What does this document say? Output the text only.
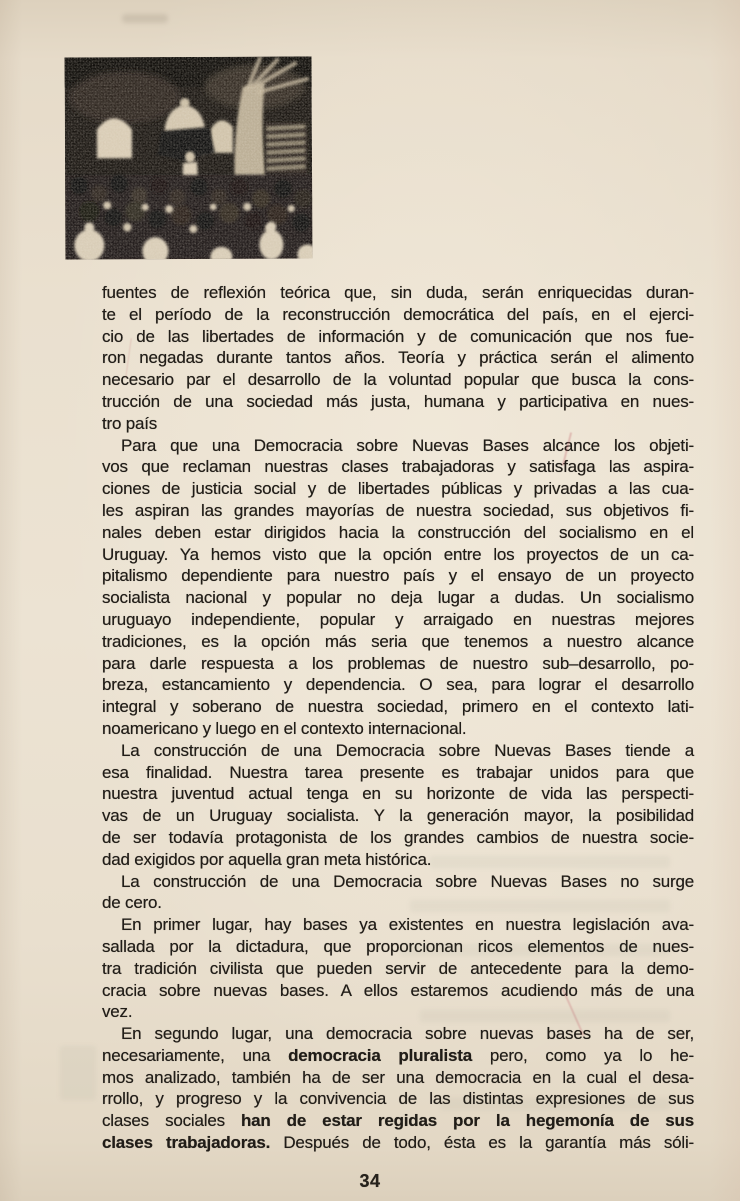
fuentes de reflexión teórica que, sin duda, serán enriquecidas duran-
te el período de la reconstrucción democrática del país, en el ejerci-
cio de las libertades de información y de comunicación que nos fue-
ron negadas durante tantos años. Teoría y práctica serán el alimento
necesario par el desarrollo de la voluntad popular que busca la cons-
trucción de una sociedad más justa, humana y participativa en nues-
tro país
Para que una Democracia sobre Nuevas Bases alcance los objeti-
vos que reclaman nuestras clases trabajadoras y satisfaga las aspira-
ciones de justicia social y de libertades públicas y privadas a las cua-
les aspiran las grandes mayorías de nuestra sociedad, sus objetivos fi-
nales deben estar dirigidos hacia la construcción del socialismo en el
Uruguay. Ya hemos visto que la opción entre los proyectos de un ca-
pitalismo dependiente para nuestro país y el ensayo de un proyecto
socialista nacional y popular no deja lugar a dudas. Un socialismo
uruguayo independiente, popular y arraigado en nuestras mejores
tradiciones, es la opción más seria que tenemos a nuestro alcance
para darle respuesta a los problemas de nuestro sub–desarrollo, po-
breza, estancamiento y dependencia. O sea, para lograr el desarrollo
integral y soberano de nuestra sociedad, primero en el contexto lati-
noamericano y luego en el contexto internacional.
La construcción de una Democracia sobre Nuevas Bases tiende a
esa finalidad. Nuestra tarea presente es trabajar unidos para que
nuestra juventud actual tenga en su horizonte de vida las perspecti-
vas de un Uruguay socialista. Y la generación mayor, la posibilidad
de ser todavía protagonista de los grandes cambios de nuestra socie-
dad exigidos por aquella gran meta histórica.
La construcción de una Democracia sobre Nuevas Bases no surge
de cero.
En primer lugar, hay bases ya existentes en nuestra legislación ava-
sallada por la dictadura, que proporcionan ricos elementos de nues-
tra tradición civilista que pueden servir de antecedente para la demo-
cracia sobre nuevas bases. A ellos estaremos acudiendo más de una
vez.
En segundo lugar, una democracia sobre nuevas bases ha de ser,
necesariamente, una democracia pluralista pero, como ya lo he-
mos analizado, también ha de ser una democracia en la cual el desa-
rrollo, y progreso y la convivencia de las distintas expresiones de sus
clases sociales han de estar regidas por la hegemonía de sus
clases trabajadoras. Después de todo, ésta es la garantía más sóli-
34
